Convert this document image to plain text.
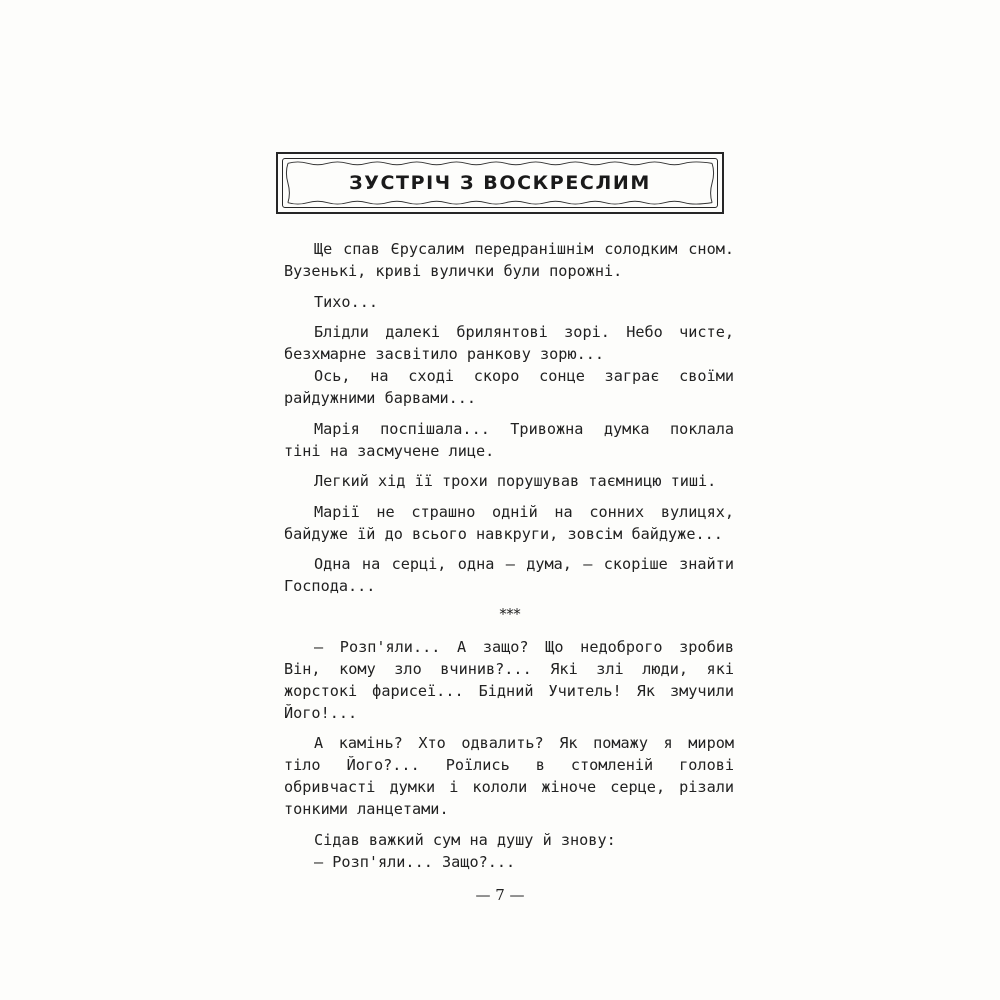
ЗУСТРІЧ З ВОСКРЕСЛИМ

Ще спав Єрусалим передранішнім солодким сном. Вузенькі, криві вулички були порожні.

Тихо...

Блідли далекі брилянтові зорі. Небо чисте, безхмарне засвітило ранкову зорю...

Ось, на сході скоро сонце заграє своїми райдужними барвами...

Марія поспішала... Тривожна думка поклала тіні на засмучене лице.

Легкий хід її трохи порушував таємницю тиші.

Марії не страшно одній на сонних вулицях, байдуже їй до всього навкруги, зовсім байдуже...

Одна на серці, одна — дума, — скоріше знайти Господа...

***

— Розп'яли... А защо? Що недоброго зробив Він, кому зло вчинив?... Які злі люди, які жорстокі фарисеї... Бідний Учитель! Як змучили Його!...

А камінь? Хто одвалить? Як помажу я миром тіло Його?... Роїлись в стомленій голові обривчасті думки і кололи жіноче серце, різали тонкими ланцетами.

Сідав важкий сум на душу й знову:

— Розп'яли... Защо?...

— 7 —
